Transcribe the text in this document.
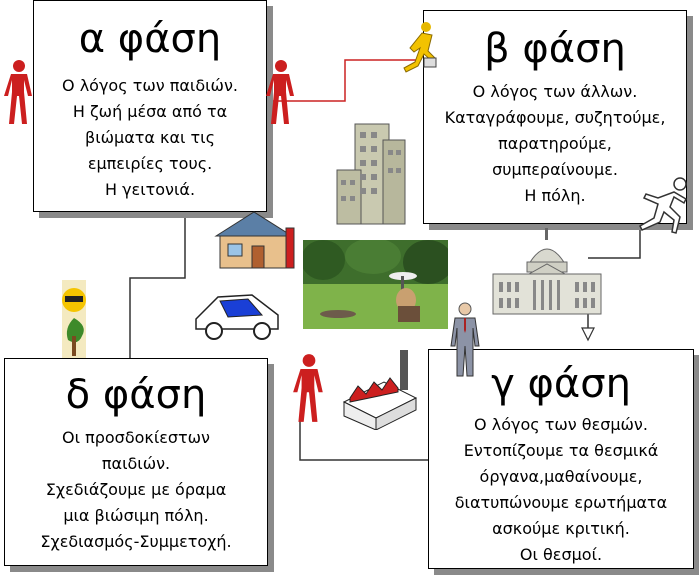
α φάση
Ο λόγος των παιδιών.
Η ζωή μέσα από τα
βιώματα και τις
εμπειρίες τους.
Η γειτονιά.
β φάση
Ο λόγος των άλλων.
Καταγράφουμε, συζητούμε,
παρατηρούμε,
συμπεραίνουμε.
Η πόλη.
γ φάση
Ο λόγος των θεσμών.
Εντοπίζουμε τα θεσμικά
όργανα,μαθαίνουμε,
διατυπώνουμε ερωτήματα
ασκούμε κριτική.
Οι θεσμοί.
δ φάση
Οι προσδοκίεστων
παιδιών.
Σχεδιάζουμε με όραμα
μια βιώσιμη πόλη.
Σχεδιασμός-Συμμετοχή.
